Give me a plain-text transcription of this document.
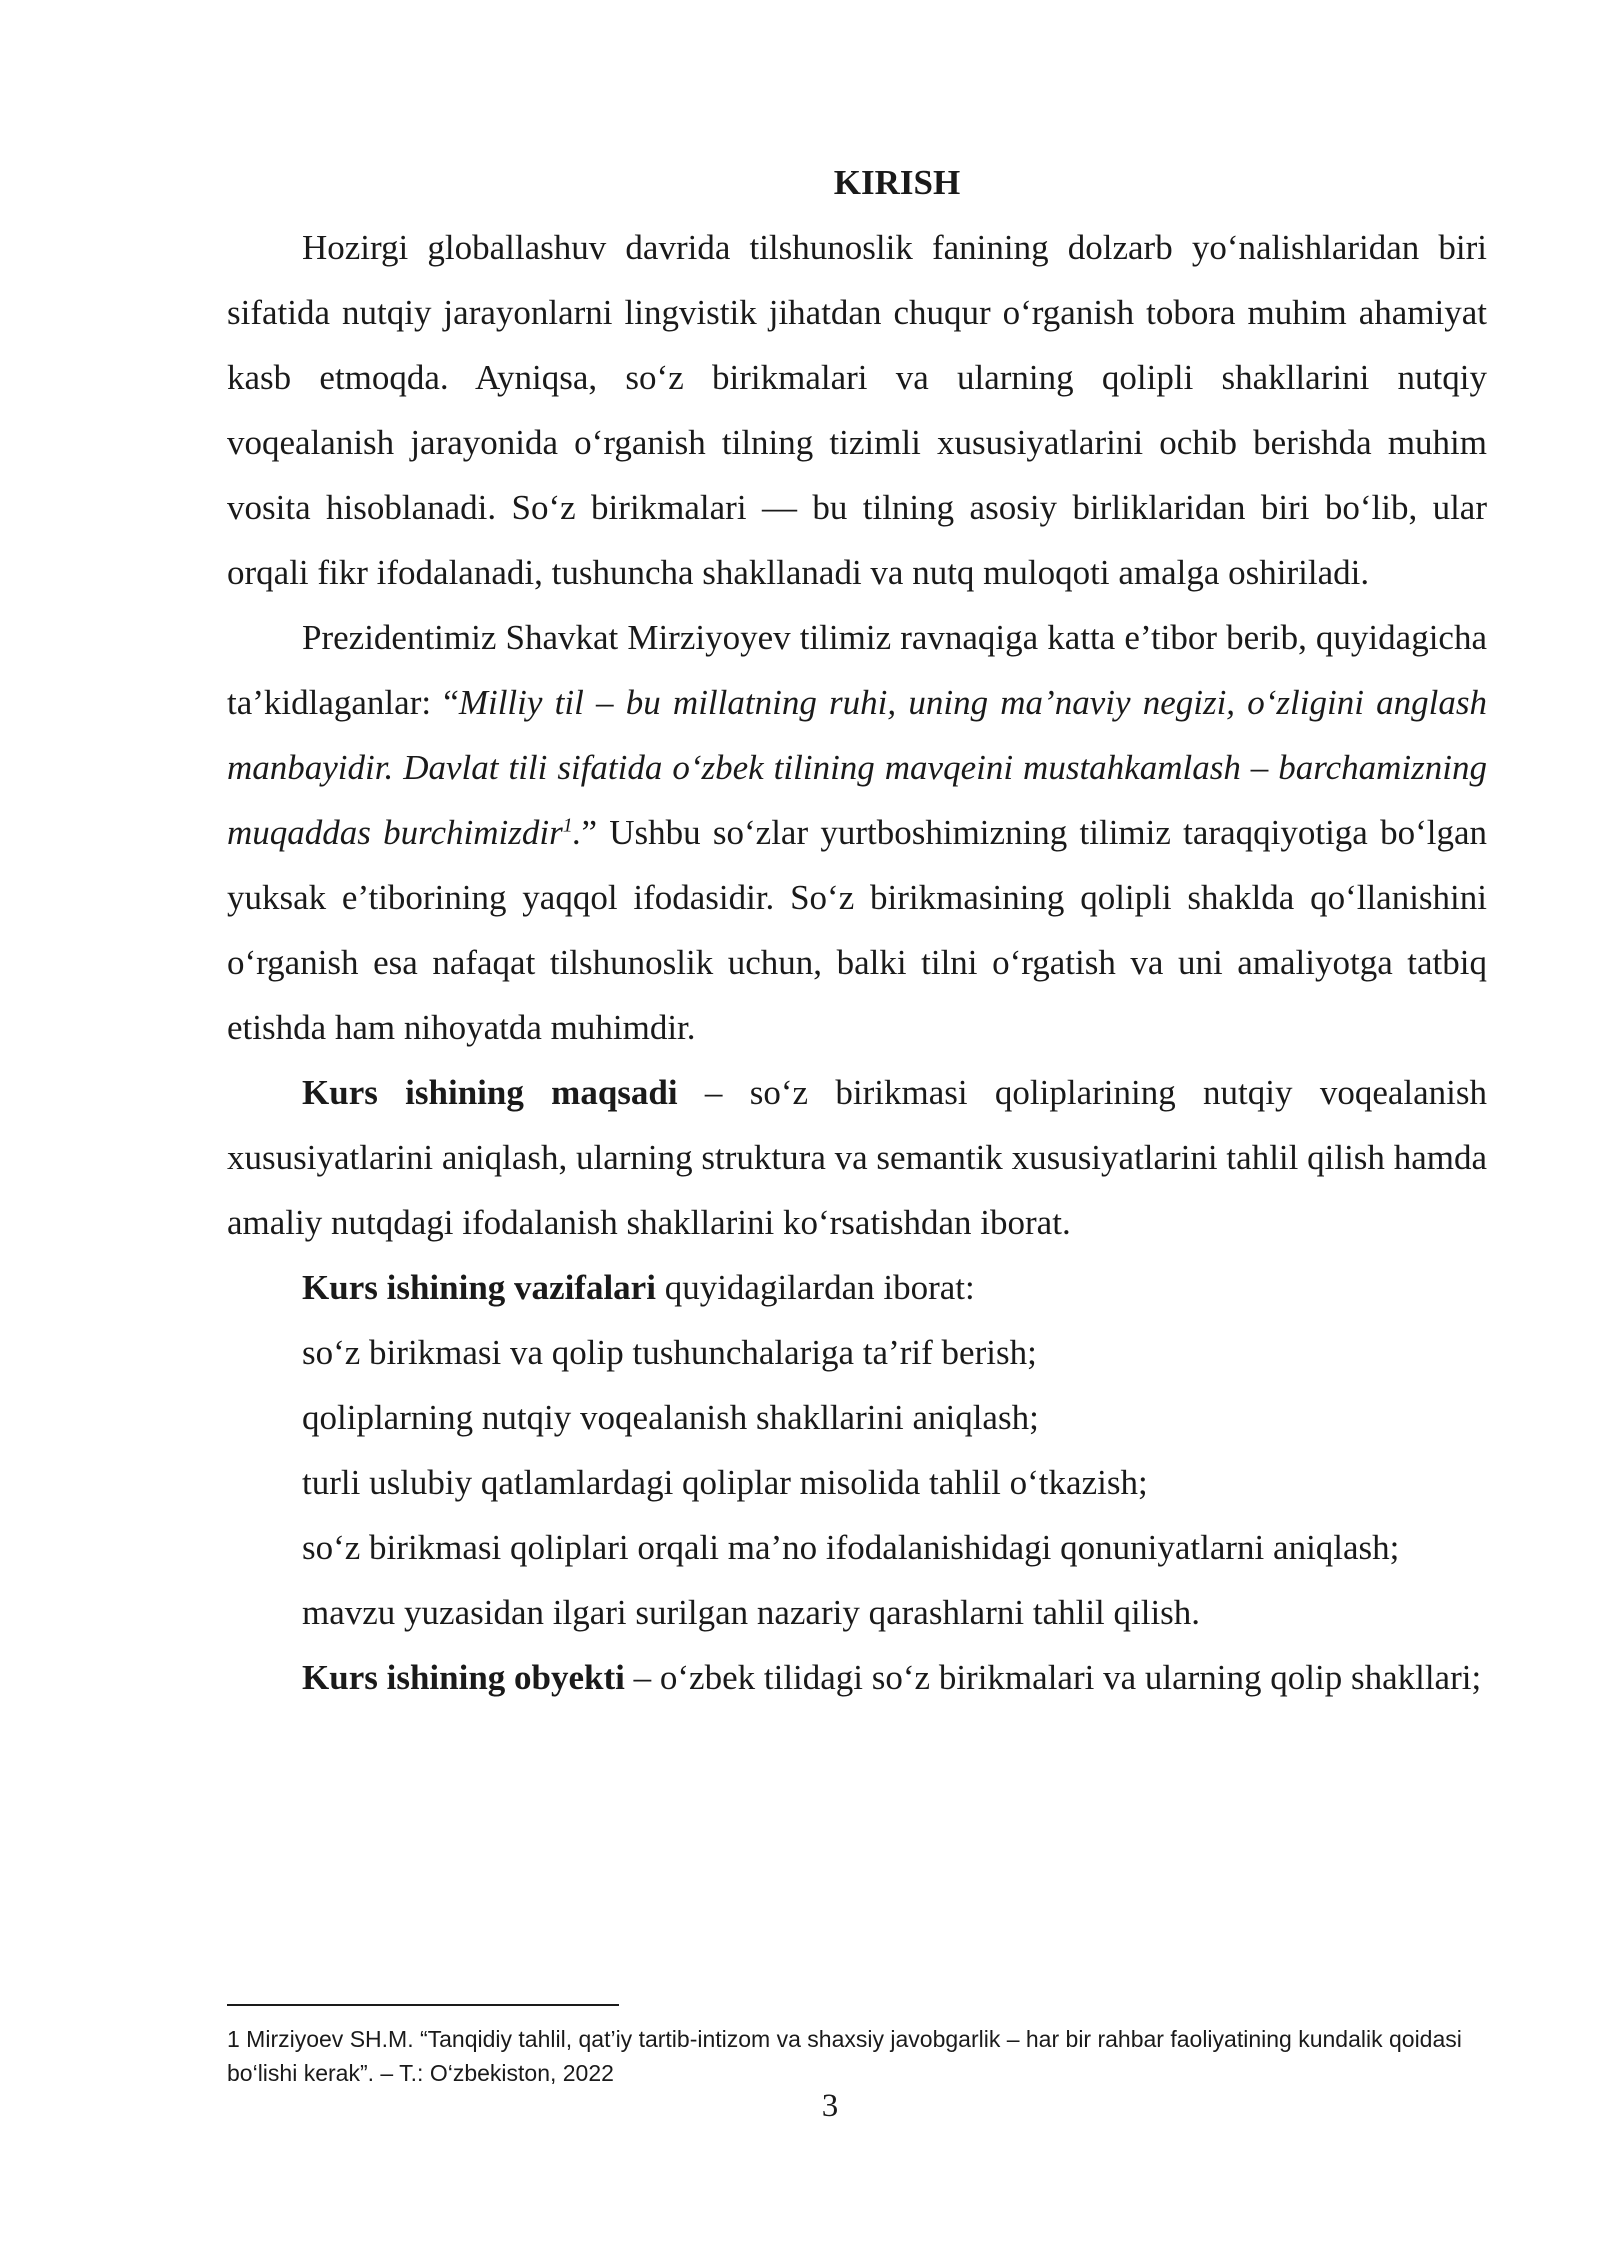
KIRISH

Hozirgi globallashuv davrida tilshunoslik fanining dolzarb yo‘nalishlaridan biri sifatida nutqiy jarayonlarni lingvistik jihatdan chuqur o‘rganish tobora muhim ahamiyat kasb etmoqda. Ayniqsa, so‘z birikmalari va ularning qolipli shakllarini nutqiy voqealanish jarayonida o‘rganish tilning tizimli xususiyatlarini ochib berishda muhim vosita hisoblanadi. So‘z birikmalari — bu tilning asosiy birliklaridan biri bo‘lib, ular orqali fikr ifodalanadi, tushuncha shakllanadi va nutq muloqoti amalga oshiriladi.

Prezidentimiz Shavkat Mirziyoyev tilimiz ravnaqiga katta e’tibor berib, quyidagicha ta’kidlaganlar: “Milliy til – bu millatning ruhi, uning ma’naviy negizi, o‘zligini anglash manbayidir. Davlat tili sifatida o‘zbek tilining mavqeini mustahkamlash – barchamizning muqaddas burchimizdir$^1$.” Ushbu so‘zlar yurtboshimizning tilimiz taraqqiyotiga bo‘lgan yuksak e’tiborining yaqqol ifodasidir. So‘z birikmasining qolipli shaklda qo‘llanishini o‘rganish esa nafaqat tilshunoslik uchun, balki tilni o‘rgatish va uni amaliyotga tatbiq etishda ham nihoyatda muhimdir.

Kurs ishining maqsadi – so‘z birikmasi qoliplarining nutqiy voqealanish xususiyatlarini aniqlash, ularning struktura va semantik xususiyatlarini tahlil qilish hamda amaliy nutqdagi ifodalanish shakllarini ko‘rsatishdan iborat.

Kurs ishining vazifalari quyidagilardan iborat:

so‘z birikmasi va qolip tushunchalariga ta’rif berish;

qoliplarning nutqiy voqealanish shakllarini aniqlash;

turli uslubiy qatlamlardagi qoliplar misolida tahlil o‘tkazish;

so‘z birikmasi qoliplari orqali ma’no ifodalanishidagi qonuniyatlarni aniqlash;

mavzu yuzasidan ilgari surilgan nazariy qarashlarni tahlil qilish.

Kurs ishining obyekti – o‘zbek tilidagi so‘z birikmalari va ularning qolip shakllari;

1 Mirziyoev SH.M. “Tanqidiy tahlil, qat’iy tartib-intizom va shaxsiy javobgarlik – har bir rahbar faoliyatining kundalik qoidasi bo‘lishi kerak”. – T.: O‘zbekiston, 2022

3
